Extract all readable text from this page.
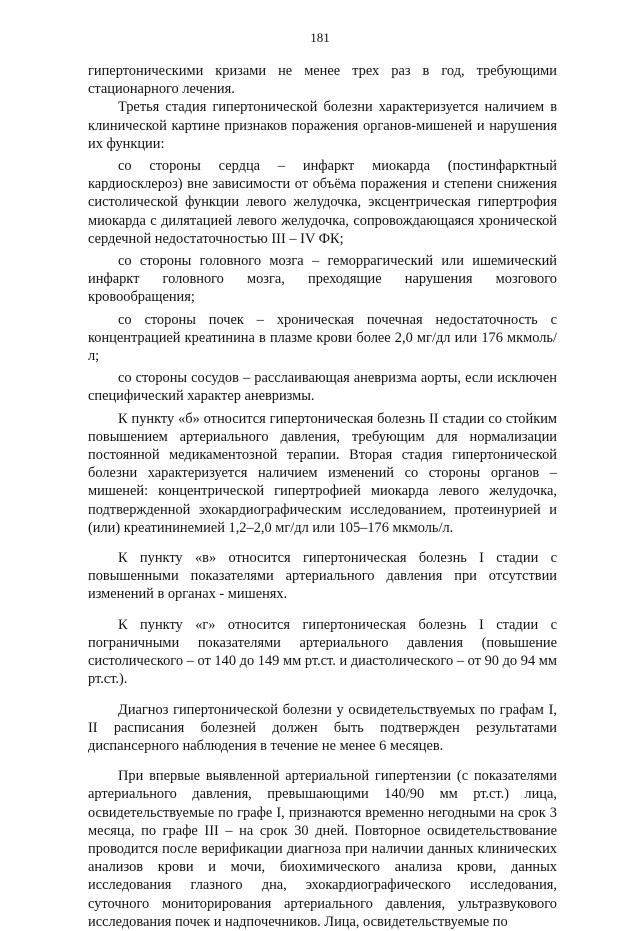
181

гипертоническими кризами не менее трех раз в год, требующими стационарного лечения.

Третья стадия гипертонической болезни характеризуется наличием в клинической картине признаков поражения органов-мишеней и нарушения их функции:

со стороны сердца – инфаркт миокарда (постинфарктный кардиосклероз) вне зависимости от объёма поражения и степени снижения систолической функции левого желудочка, эксцентрическая гипертрофия миокарда с дилятацией левого желудочка, сопровождающаяся хронической сердечной недостаточностью III – IV ФК;

со стороны головного мозга – геморрагический или ишемический инфаркт головного мозга, преходящие нарушения мозгового кровообращения;

со стороны почек – хроническая почечная недостаточность с концентрацией креатинина в плазме крови более 2,0 мг/дл или 176 мкмоль/л;

со стороны сосудов – расслаивающая аневризма аорты, если исключен специфический характер аневризмы.

К пункту «б» относится гипертоническая болезнь II стадии со стойким повышением артериального давления, требующим для нормализации постоянной медикаментозной терапии. Вторая стадия гипертонической болезни характеризуется наличием изменений со стороны органов – мишеней: концентрической гипертрофией миокарда левого желудочка, подтвержденной эхокардиографическим исследованием, протеинурией и (или) креатининемией 1,2–2,0 мг/дл или 105–176 мкмоль/л.

К пункту «в» относится гипертоническая болезнь I стадии с повышенными показателями артериального давления при отсутствии изменений в органах - мишенях.

К пункту «г» относится гипертоническая болезнь I стадии с пограничными показателями артериального давления (повышение систолического – от 140 до 149 мм рт.ст. и диастолического – от 90 до 94 мм рт.ст.).

Диагноз гипертонической болезни у освидетельствуемых по графам I, II расписания болезней должен быть подтвержден результатами диспансерного наблюдения в течение не менее 6 месяцев.

При впервые выявленной артериальной гипертензии (с показателями артериального давления, превышающими 140/90 мм рт.ст.) лица, освидетельствуемые по графе I, признаются временно негодными на срок 3 месяца, по графе III – на срок 30 дней. Повторное освидетельствование проводится после верификации диагноза при наличии данных клинических анализов крови и мочи, биохимического анализа крови, данных исследования глазного дна, эхокардиографического исследования, суточного мониторирования артериального давления, ультразвукового исследования почек и надпочечников. Лица, освидетельствуемые по
